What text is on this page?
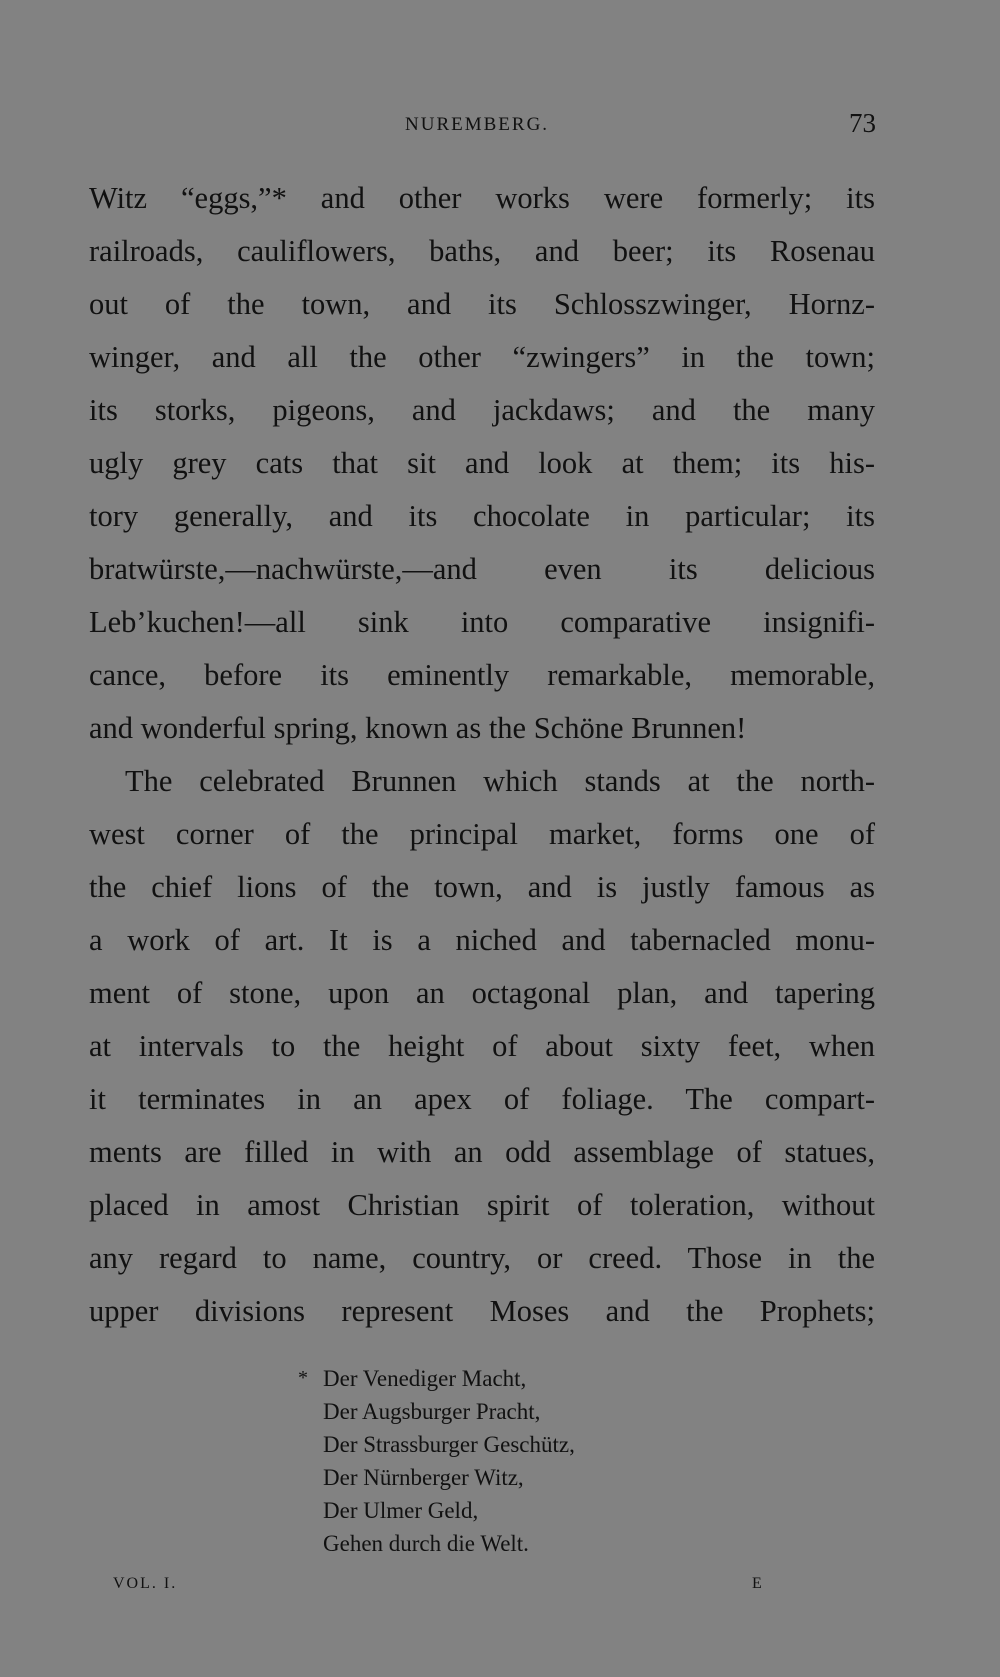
NUREMBERG.	73
Witz “eggs,”* and other works were formerly; its
railroads, cauliflowers, baths, and beer; its Rosenau
out of the town, and its Schlosszwinger, Hornz-
winger, and all the other “zwingers” in the town;
its storks, pigeons, and jackdaws; and the many
ugly grey cats that sit and look at them; its his-
tory generally, and its chocolate in particular; its
bratwürste,—nachwürste,—and even its delicious
Leb’kuchen!—all sink into comparative insignifi-
cance, before its eminently remarkable, memorable,
and wonderful spring, known as the Schöne Brunnen!
The celebrated Brunnen which stands at the north-
west corner of the principal market, forms one of
the chief lions of the town, and is justly famous as
a work of art. It is a niched and tabernacled monu-
ment of stone, upon an octagonal plan, and tapering
at intervals to the height of about sixty feet, when
it terminates in an apex of foliage. The compart-
ments are filled in with an odd assemblage of statues,
placed in amost Christian spirit of toleration, without
any regard to name, country, or creed. Those in the
upper divisions represent Moses and the Prophets;
* Der Venediger Macht,
Der Augsburger Pracht,
Der Strassburger Geschütz,
Der Nürnberger Witz,
Der Ulmer Geld,
Gehen durch die Welt.
VOL. I.	E
